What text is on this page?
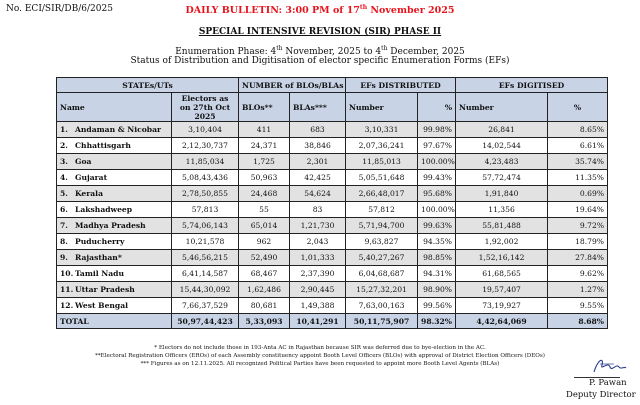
No. ECI/SIR/DB/6/2025	DAILY BULLETIN: 3:00 PM of 17th November 2025
SPECIAL INTENSIVE REVISION (SIR) PHASE II
Enumeration Phase: 4th November, 2025 to 4th December, 2025
Status of Distribution and Digitisation of elector specific Enumeration Forms (EFs)
STATEs/UTs		NUMBER of BLOs/BLAs		EFs DISTRIBUTED		EFs DIGITISED	
Name	Electors as on 27th Oct 2025	BLOs**	BLAs***	Number	%	Number	%
1. Andaman & Nicobar	3,10,404	411	683	3,10,331	99.98%	26,841	8.65%
2. Chhattisgarh	2,12,30,737	24,371	38,846	2,07,36,241	97.67%	14,02,544	6.61%
3. Goa	11,85,034	1,725	2,301	11,85,013	100.00%	4,23,483	35.74%
4. Gujarat	5,08,43,436	50,963	42,425	5,05,51,648	99.43%	57,72,474	11.35%
5. Kerala	2,78,50,855	24,468	54,624	2,66,48,017	95.68%	1,91,840	0.69%
6. Lakshadweep	57,813	55	83	57,812	100.00%	11,356	19.64%
7. Madhya Pradesh	5,74,06,143	65,014	1,21,730	5,71,94,700	99.63%	55,81,488	9.72%
8. Puducherry	10,21,578	962	2,043	9,63,827	94.35%	1,92,002	18.79%
9. Rajasthan*	5,46,56,215	52,490	1,01,333	5,40,27,267	98.85%	1,52,16,142	27.84%
10. Tamil Nadu	6,41,14,587	68,467	2,37,390	6,04,68,687	94.31%	61,68,565	9.62%
11. Uttar Pradesh	15,44,30,092	1,62,486	2,90,445	15,27,32,201	98.90%	19,57,407	1.27%
12. West Bengal	7,66,37,529	80,681	1,49,388	7,63,00,163	99.56%	73,19,927	9.55%
TOTAL	50,97,44,423	5,33,093	10,41,291	50,11,75,907	98.32%	4,42,64,069	8.68%
* Electors do not include those in 193-Anta AC in Rajasthan because SIR was deferred due to bye-election in the AC.
**Electoral Registration Officers (EROs) of each Assembly constituency appoint Booth Level Officers (BLOs) with approval of District Election Officers (DEOs)
*** Figures as on 12.11.2025. All recognized Political Parties have been requested to appoint more Booth Level Agents (BLAs)
P. Pawan
Deputy Director
